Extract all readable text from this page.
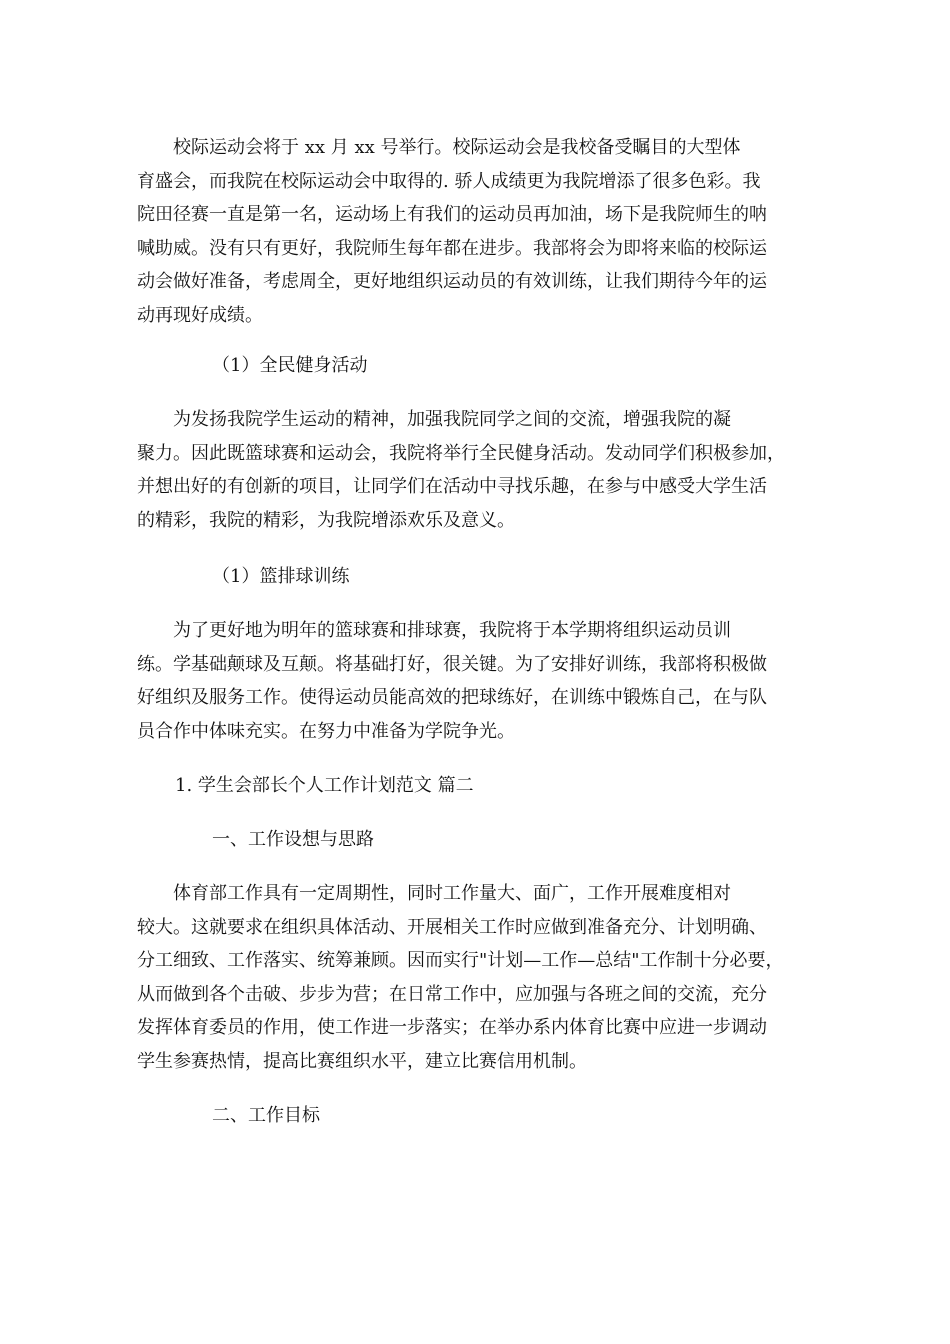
　　校际运动会将于 xx 月 xx 号举行。校际运动会是我校备受瞩目的大型体
育盛会，而我院在校际运动会中取得的. 骄人成绩更为我院增添了很多色彩。我
院田径赛一直是第一名，运动场上有我们的运动员再加油，场下是我院师生的呐
喊助威。没有只有更好，我院师生每年都在进步。我部将会为即将来临的校际运
动会做好准备，考虑周全，更好地组织运动员的有效训练，让我们期待今年的运
动再现好成绩。
（1）全民健身活动
　　为发扬我院学生运动的精神，加强我院同学之间的交流，增强我院的凝
聚力。因此既篮球赛和运动会，我院将举行全民健身活动。发动同学们积极参加，
并想出好的有创新的项目，让同学们在活动中寻找乐趣，在参与中感受大学生活
的精彩，我院的精彩，为我院增添欢乐及意义。
（1）篮排球训练
　　为了更好地为明年的篮球赛和排球赛，我院将于本学期将组织运动员训
练。学基础颠球及互颠。将基础打好，很关键。为了安排好训练，我部将积极做
好组织及服务工作。使得运动员能高效的把球练好，在训练中锻炼自己，在与队
员合作中体味充实。在努力中准备为学院争光。
1. 学生会部长个人工作计划范文 篇二
一、工作设想与思路
　　体育部工作具有一定周期性，同时工作量大、面广，工作开展难度相对
较大。这就要求在组织具体活动、开展相关工作时应做到准备充分、计划明确、
分工细致、工作落实、统筹兼顾。因而实行"计划—工作—总结"工作制十分必要，
从而做到各个击破、步步为营；在日常工作中，应加强与各班之间的交流，充分
发挥体育委员的作用，使工作进一步落实；在举办系内体育比赛中应进一步调动
学生参赛热情，提高比赛组织水平，建立比赛信用机制。
二、工作目标
